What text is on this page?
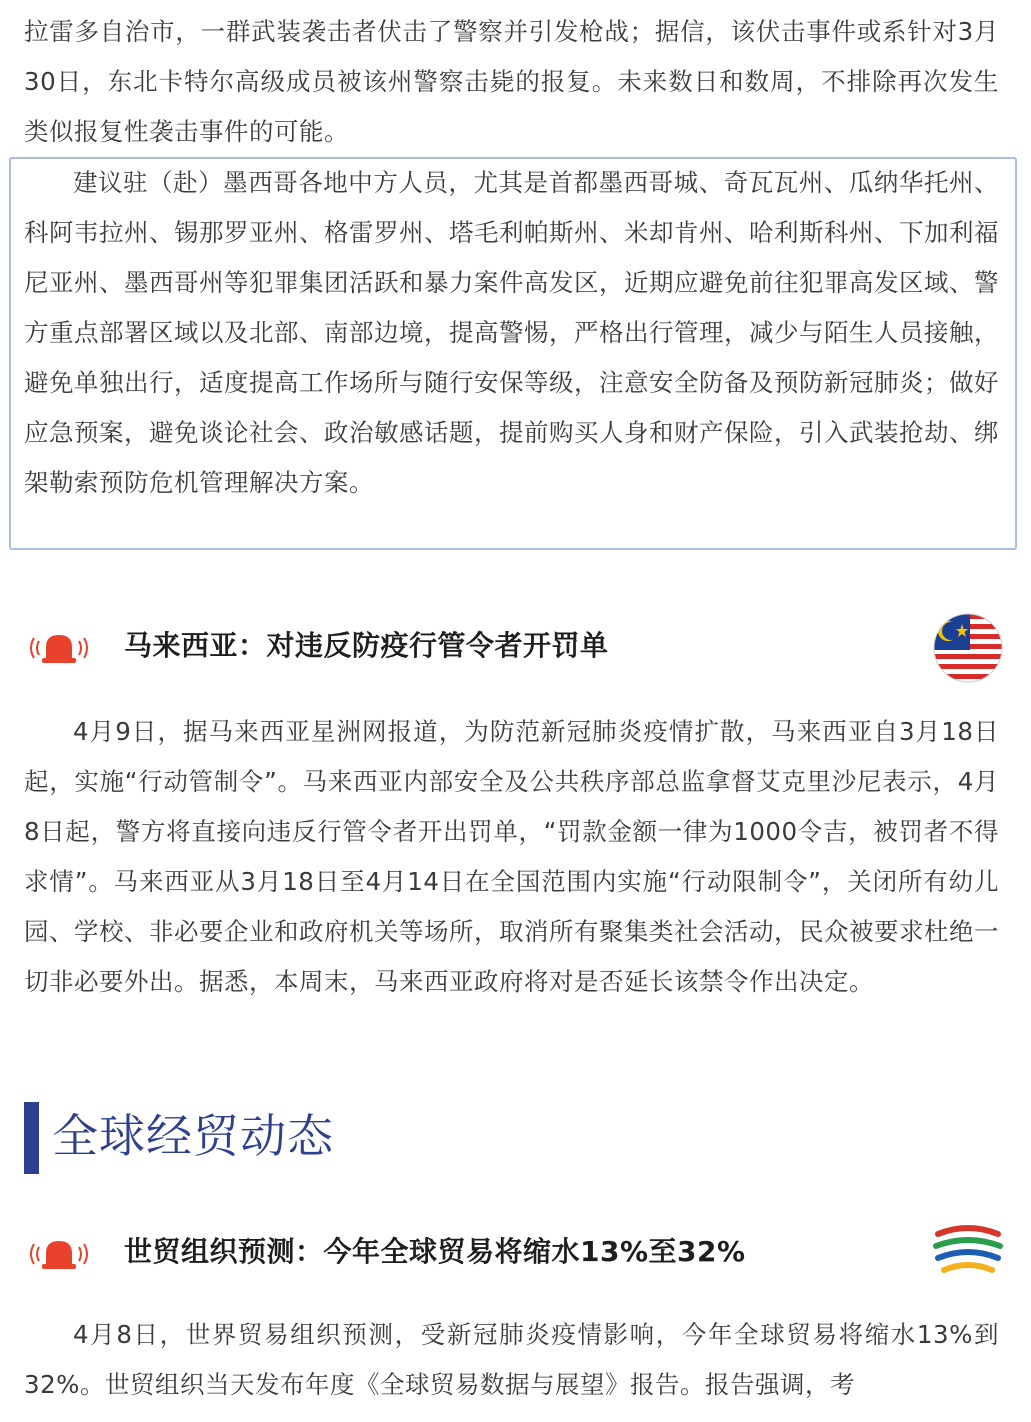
拉雷多自治市，一群武装袭击者伏击了警察并引发枪战；据信，该伏击事件或系针对3月30日，东北卡特尔高级成员被该州警察击毙的报复。未来数日和数周，不排除再次发生类似报复性袭击事件的可能。

建议驻（赴）墨西哥各地中方人员，尤其是首都墨西哥城、奇瓦瓦州、瓜纳华托州、科阿韦拉州、锡那罗亚州、格雷罗州、塔毛利帕斯州、米却肯州、哈利斯科州、下加利福尼亚州、墨西哥州等犯罪集团活跃和暴力案件高发区，近期应避免前往犯罪高发区域、警方重点部署区域以及北部、南部边境，提高警惕，严格出行管理，减少与陌生人员接触，避免单独出行，适度提高工作场所与随行安保等级，注意安全防备及预防新冠肺炎；做好应急预案，避免谈论社会、政治敏感话题，提前购买人身和财产保险，引入武装抢劫、绑架勒索预防危机管理解决方案。

马来西亚：对违反防疫行管令者开罚单

4月9日，据马来西亚星洲网报道，为防范新冠肺炎疫情扩散，马来西亚自3月18日起，实施“行动管制令”。马来西亚内部安全及公共秩序部总监拿督艾克里沙尼表示，4月8日起，警方将直接向违反行管令者开出罚单，“罚款金额一律为1000令吉，被罚者不得求情”。马来西亚从3月18日至4月14日在全国范围内实施“行动限制令”，关闭所有幼儿园、学校、非必要企业和政府机关等场所，取消所有聚集类社会活动，民众被要求杜绝一切非必要外出。据悉，本周末，马来西亚政府将对是否延长该禁令作出决定。

全球经贸动态
世贸组织预测：今年全球贸易将缩水13%至32%

4月8日，世界贸易组织预测，受新冠肺炎疫情影响，今年全球贸易将缩水13%到32%。世贸组织当天发布年度《全球贸易数据与展望》报告。报告强调，考
